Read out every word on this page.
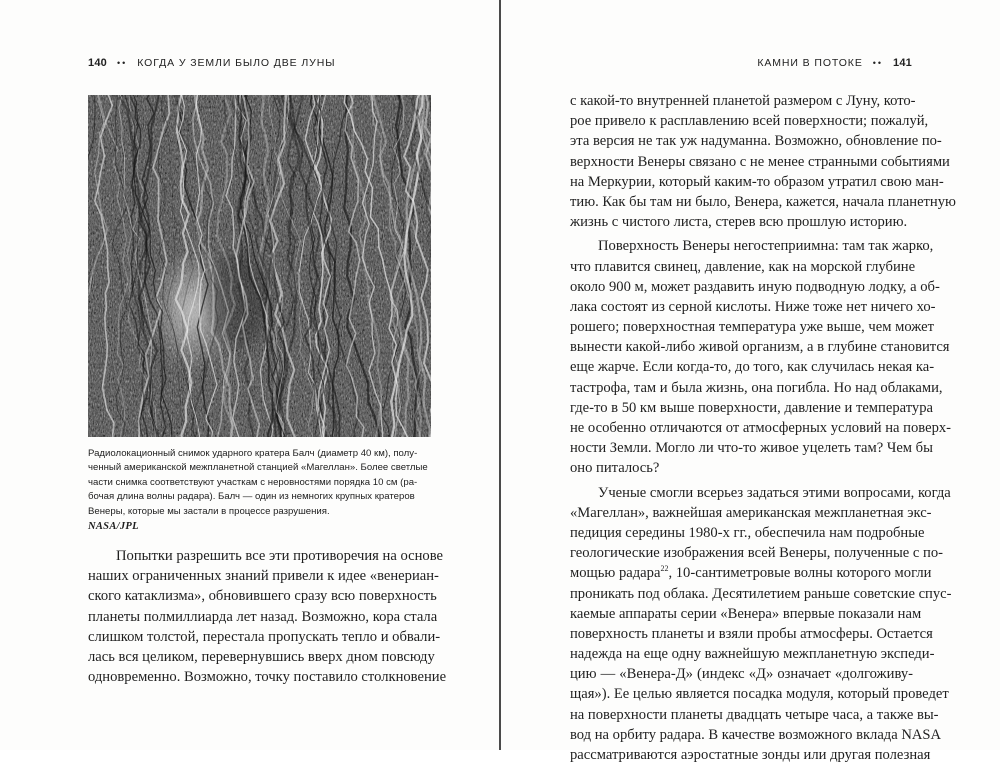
140 •• КОГДА У ЗЕМЛИ БЫЛО ДВЕ ЛУНЫ
Радиолокационный снимок ударного кратера Балч (диаметр 40 км), полу-
ченный американской межпланетной станцией «Магеллан». Более светлые
части снимка соответствуют участкам с неровностями порядка 10 см (ра-
бочая длина волны радара). Балч — один из немногих крупных кратеров
Венеры, которые мы застали в процессе разрушения.
NASA/JPL
Попытки разрешить все эти противоречия на основе
наших ограниченных знаний привели к идее «венериан-
ского катаклизма», обновившего сразу всю поверхность
планеты полмиллиарда лет назад. Возможно, кора стала
слишком толстой, перестала пропускать тепло и обвали-
лась вся целиком, перевернувшись вверх дном повсюду
одновременно. Возможно, точку поставило столкновение
КАМНИ В ПОТОКЕ •• 141
с какой-то внутренней планетой размером с Луну, кото-
рое привело к расплавлению всей поверхности; пожалуй,
эта версия не так уж надуманна. Возможно, обновление по-
верхности Венеры связано с не менее странными событиями
на Меркурии, который каким-то образом утратил свою ман-
тию. Как бы там ни было, Венера, кажется, начала планетную
жизнь с чистого листа, стерев всю прошлую историю.
Поверхность Венеры негостеприимна: там так жарко,
что плавится свинец, давление, как на морской глубине
около 900 м, может раздавить иную подводную лодку, а об-
лака состоят из серной кислоты. Ниже тоже нет ничего хо-
рошего; поверхностная температура уже выше, чем может
вынести какой-либо живой организм, а в глубине становится
еще жарче. Если когда-то, до того, как случилась некая ка-
тастрофа, там и была жизнь, она погибла. Но над облаками,
где-то в 50 км выше поверхности, давление и температура
не особенно отличаются от атмосферных условий на поверх-
ности Земли. Могло ли что-то живое уцелеть там? Чем бы
оно питалось?
Ученые смогли всерьез задаться этими вопросами, когда
«Магеллан», важнейшая американская межпланетная экс-
педиция середины 1980-х гг., обеспечила нам подробные
геологические изображения всей Венеры, полученные с по-
мощью радара$^{22}$, 10-сантиметровые волны которого могли
проникать под облака. Десятилетием раньше советские спус-
каемые аппараты серии «Венера» впервые показали нам
поверхность планеты и взяли пробы атмосферы. Остается
надежда на еще одну важнейшую межпланетную экспеди-
цию — «Венера-Д» (индекс «Д» означает «долгоживу-
щая»). Ее целью является посадка модуля, который проведет
на поверхности планеты двадцать четыре часа, а также вы-
вод на орбиту радара. В качестве возможного вклада NASA
рассматриваются аэростатные зонды или другая полезная
